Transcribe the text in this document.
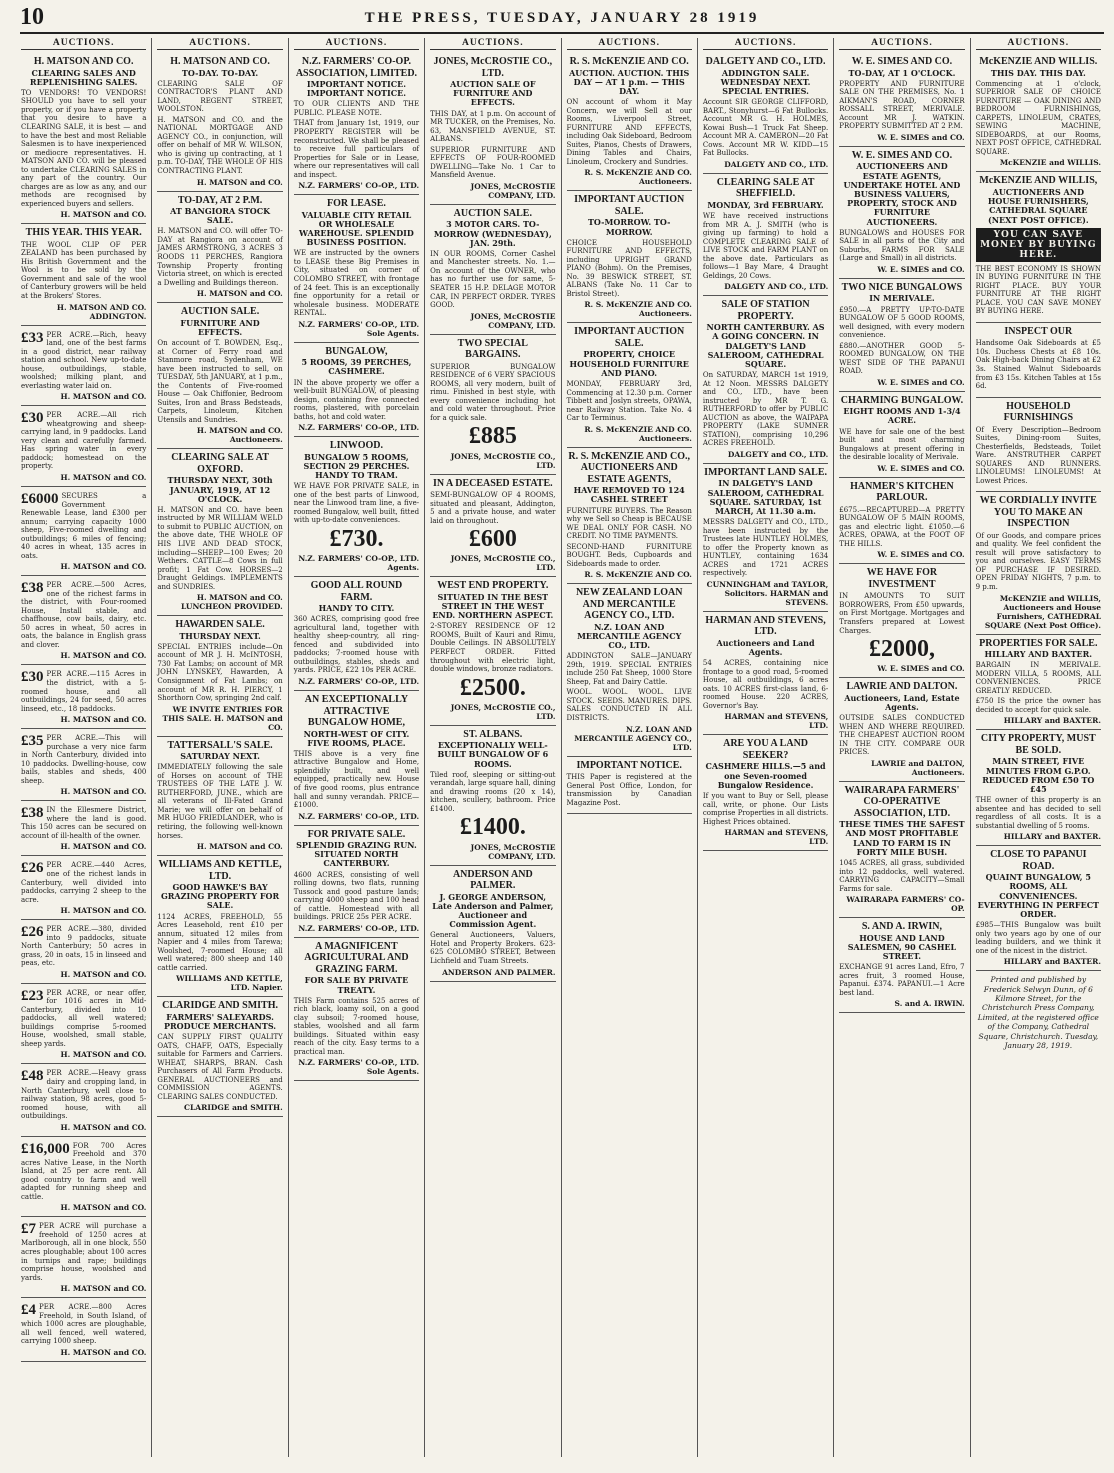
10	THE PRESS, TUESDAY, JANUARY 28 1919
AUCTIONS.
H. MATSON AND CO.
CLEARING SALES AND REPLENISHING SALES.

TO VENDORS! TO VENDORS! SHOULD you have to sell your property, or if you have a property that you desire to have a CLEARING SALE, it is best — and to have the best and most Reliable Salesmen is to have inexperienced or mediocre representatives. H. MATSON AND CO. will be pleased to undertake CLEARING SALES in any part of the country. Our charges are as low as any, and our methods are recognised by experienced buyers and sellers.

H. MATSON and CO.
THIS YEAR. THIS YEAR.

THE WOOL CLIP OF PER ZEALAND has been purchased by His British Government and the Wool is to be sold by the Government and sale of the wool of Canterbury growers will be held at the Brokers' Stores.

H. MATSON AND CO. ADDINGTON.

£33 PER ACRE.—Rich, heavy land, one of the best farms in a good district, near railway station and school. New up-to-date house, outbuildings, stable, woolshed; milking plant, and everlasting water laid on.

H. MATSON and CO.

£30 PER ACRE.—All rich wheatgrowing and sheep-carrying land, in 9 paddocks. Land very clean and carefully farmed. Has spring water in every paddock; homestead on the property.

H. MATSON and CO.

£6000 SECURES a Government Renewable Lease, land £300 per annum; carrying capacity 1000 sheep, Five-roomed dwelling and outbuildings; 6 miles of fencing; 40 acres in wheat, 135 acres in oats.

H. MATSON and CO.

£38 PER ACRE.—500 Acres, one of the richest farms in the district, with Four-roomed House, Install stable, and chaffhouse, cow bails, dairy, etc. 50 acres in wheat, 50 acres in oats, the balance in English grass and clover.

H. MATSON and CO.

£30 PER ACRE.—115 Acres in the district, with a 5-roomed house, and all outbuildings, 24 for seed, 50 acres linseed, etc., 18 paddocks.

H. MATSON and CO.

£35 PER ACRE.—This will purchase a very nice farm in North Canterbury, divided into 10 paddocks. Dwelling-house, cow bails, stables and sheds, 400 sheep.

H. MATSON and CO.

£38 IN the Ellesmere District, where the land is good. This 150 acres can be secured on account of ill-health of the owner.

H. MATSON and CO.

£26 PER ACRE.—440 Acres, one of the richest lands in Canterbury, well divided into paddocks, carrying 2 sheep to the acre.

H. MATSON and CO.

£26 PER ACRE.—380, divided into 9 paddocks, situate North Canterbury; 50 acres in grass, 20 in oats, 15 in linseed and peas, etc.

H. MATSON and CO.

£23 PER ACRE, or near offer, for 1016 acres in Mid-Canterbury, divided into 10 paddocks, all well watered; buildings comprise 5-roomed House, woolshed, small stable, sheep yards.

H. MATSON and CO.

£48 PER ACRE.—Heavy grass dairy and cropping land, in North Canterbury, well close to railway station, 98 acres, good 5-roomed house, with all outbuildings.

H. MATSON and CO.

£16,000 FOR 700 Acres Freehold and 370 acres Native Lease, in the North Island, at 25 per acre rent. All good country to farm and well adapted for running sheep and cattle.

H. MATSON and CO.

£7 PER ACRE will purchase a freehold of 1250 acres at Marlborough, all in one block, 550 acres ploughable; about 100 acres in turnips and rape; buildings comprise house, woolshed and yards.

H. MATSON and CO.

£4 PER ACRE.—800 Acres Freehold, in South Island, of which 1000 acres are ploughable, all well fenced, well watered, carrying 1000 sheep.

H. MATSON and CO.
AUCTIONS.
H. MATSON AND CO.
TO-DAY. TO-DAY.

CLEARING SALE OF CONTRACTOR'S PLANT AND LAND, REGENT STREET, WOOLSTON.

H. MATSON and CO. and the NATIONAL MORTGAGE AND AGENCY CO., in conjunction, will offer on behalf of MR W. WILSON, who is giving up contracting, at 1 p.m. TO-DAY, THE WHOLE OF HIS CONTRACTING PLANT.

H. MATSON and CO.
TO-DAY, AT 2 P.M.
AT BANGIORA STOCK SALE.

H. MATSON and CO. will offer TO-DAY at Rangiora on account of JAMES ARMSTRONG, 3 ACRES 3 ROODS 11 PERCHES, Rangiora Township Property fronting Victoria street, on which is erected a Dwelling and Buildings thereon.

H. MATSON and CO.
AUCTION SALE.
FURNITURE AND EFFECTS.

On account of T. BOWDEN, Esq., at Corner of Ferry road and Stanmore road, Sydenham, WE have been instructed to sell, on TUESDAY, 5th JANUARY, at 1 p.m., the Contents of Five-roomed House — Oak Chiffonier, Bedroom Suites, Iron and Brass Bedsteads, Carpets, Linoleum, Kitchen Utensils and Sundries.

H. MATSON and CO. Auctioneers.
CLEARING SALE AT OXFORD.
THURSDAY NEXT, 30th JANUARY, 1919, AT 12 O'CLOCK.

H. MATSON and CO. have been instructed by MR WILLIAM WELD to submit to PUBLIC AUCTION, on the above date, THE WHOLE OF HIS LIVE AND DEAD STOCK, including—SHEEP—100 Ewes; 20 Wethers. CATTLE—8 Cows in full profit; 1 Fat Cow. HORSES—2 Draught Geldings. IMPLEMENTS and SUNDRIES.

H. MATSON and CO. LUNCHEON PROVIDED.
HAWARDEN SALE.
THURSDAY NEXT.

SPECIAL ENTRIES include—On account of MR J. H. McINTOSH, 730 Fat Lambs; on account of MR JOHN LYNSKEY, Hawarden, A Consignment of Fat Lambs; on account of MR R. H. PIERCY, 1 Shorthorn Cow, springing 2nd calf.

WE INVITE ENTRIES FOR THIS SALE. H. MATSON and CO.
TATTERSALL'S SALE.
SATURDAY NEXT.

IMMEDIATELY following the sale of Horses on account of THE TRUSTEES OF THE LATE J. W. RUTHERFORD, JUNE., which are all veterans of Ill-Fated Grand Marie; we will offer on behalf of MR HUGO FRIEDLANDER, who is retiring, the following well-known horses.

H. MATSON and CO.
WILLIAMS AND KETTLE, LTD.
GOOD HAWKE'S BAY GRAZING PROPERTY FOR SALE.

1124 ACRES, FREEHOLD, 55 Acres Leasehold, rent £10 per annum, situated 12 miles from Napier and 4 miles from Tarewa; Woolshed, 7-roomed House; all well watered; 800 sheep and 140 cattle carried.

WILLIAMS AND KETTLE, LTD. Napier.
CLARIDGE AND SMITH.
FARMERS' SALEYARDS. PRODUCE MERCHANTS.

CAN SUPPLY FIRST QUALITY OATS, CHAFF, OATS, Especially suitable for Farmers and Carriers. WHEAT, SHARPS, BRAN. Cash Purchasers of All Farm Products. GENERAL AUCTIONEERS and COMMISSION AGENTS. CLEARING SALES CONDUCTED.

CLARIDGE and SMITH.
AUCTIONS.
N.Z. FARMERS' CO-OP. ASSOCIATION, LIMITED.
IMPORTANT NOTICE. IMPORTANT NOTICE.

TO OUR CLIENTS AND THE PUBLIC. PLEASE NOTE.

THAT from January 1st, 1919, our PROPERTY REGISTER will be reconstructed. We shall be pleased to receive full particulars of Properties for Sale or in Lease, where our representatives will call and inspect.

N.Z. FARMERS' CO-OP., LTD.
FOR LEASE.
VALUABLE CITY RETAIL OR WHOLESALE WAREHOUSE. SPLENDID BUSINESS POSITION.

WE are instructed by the owners to LEASE these Big Premises in City, situated on corner of COLOMBO STREET, with frontage of 24 feet. This is an exceptionally fine opportunity for a retail or wholesale business. MODERATE RENTAL.

N.Z. FARMERS' CO-OP., LTD. Sole Agents.
BUNGALOW,
5 ROOMS, 39 PERCHES, CASHMERE.

IN the above property we offer a well-built BUNGALOW, of pleasing design, containing five connected rooms, plastered, with porcelain baths, hot and cold water.

N.Z. FARMERS' CO-OP., LTD.
LINWOOD.
BUNGALOW 5 ROOMS, SECTION 29 PERCHES. HANDY TO TRAM.

WE HAVE FOR PRIVATE SALE, in one of the best parts of Linwood, near the Linwood tram line, a five-roomed Bungalow, well built, fitted with up-to-date conveniences.

£730.
N.Z. FARMERS' CO-OP., LTD. Agents.
GOOD ALL ROUND FARM.
HANDY TO CITY.

360 ACRES, comprising good free agricultural land, together with healthy sheep-country, all ring-fenced and subdivided into paddocks; 7-roomed house with outbuildings, stables, sheds and yards. PRICE, £22 10s PER ACRE.

N.Z. FARMERS' CO-OP., LTD.
AN EXCEPTIONALLY ATTRACTIVE BUNGALOW HOME,
NORTH-WEST OF CITY. FIVE ROOMS, PLACE.

THIS above is a very fine attractive Bungalow and Home, splendidly built, and well equipped, practically new. House of five good rooms, plus entrance hall and sunny verandah. PRICE—£1000.

N.Z. FARMERS' CO-OP., LTD.
FOR PRIVATE SALE.
SPLENDID GRAZING RUN. SITUATED NORTH CANTERBURY.

4600 ACRES, consisting of well rolling downs, two flats, running Tussock and good pasture lands; carrying 4000 sheep and 100 head of cattle. Homestead with all buildings. PRICE 25s PER ACRE.

N.Z. FARMERS' CO-OP., LTD.
A MAGNIFICENT AGRICULTURAL AND GRAZING FARM.
FOR SALE BY PRIVATE TREATY.

THIS Farm contains 525 acres of rich black, loamy soil, on a good clay subsoil; 7-roomed house, stables, woolshed and all farm buildings. Situated within easy reach of the city. Easy terms to a practical man.

N.Z. FARMERS' CO-OP., LTD. Sole Agents.
AUCTIONS.
JONES, McCROSTIE CO., LTD.
AUCTION SALE OF FURNITURE AND EFFECTS.

THIS DAY, at 1 p.m. On account of MR TUCKER, on the Premises, No. 63, MANSFIELD AVENUE, ST. ALBANS.

SUPERIOR FURNITURE AND EFFECTS OF FOUR-ROOMED DWELLING—Take No. 1 Car to Mansfield Avenue.

JONES, McCROSTIE COMPANY, LTD.
AUCTION SALE.
3 MOTOR CARS. TO-MORROW (WEDNESDAY), JAN. 29th.

IN OUR ROOMS, Corner Cashel and Manchester streets. No. 1.—On account of the OWNER, who has no further use for same, 5-SEATER 15 H.P. DELAGE MOTOR CAR, IN PERFECT ORDER. TYRES GOOD.

JONES, McCROSTIE COMPANY, LTD.
TWO SPECIAL BARGAINS.

SUPERIOR BUNGALOW RESIDENCE of 6 VERY SPACIOUS ROOMS, all very modern, built of rimu. Finished in best style, with every convenience including hot and cold water throughout. Price for a quick sale.

£885
JONES, McCROSTIE CO., LTD.
IN A DECEASED ESTATE.

SEMI-BUNGALOW OF 4 ROOMS, situated and pleasant, Addington, 5 and a private house, and water laid on throughout.

£600
JONES, McCROSTIE CO., LTD.
WEST END PROPERTY.
SITUATED IN THE BEST STREET IN THE WEST END. NORTHERN ASPECT.

2-STOREY RESIDENCE OF 12 ROOMS, Built of Kauri and Rimu, Double Ceilings. IN ABSOLUTELY PERFECT ORDER. Fitted throughout with electric light, double windows, bronze radiators.

£2500.
JONES, McCROSTIE CO., LTD.
ST. ALBANS.
EXCEPTIONALLY WELL-BUILT BUNGALOW OF 6 ROOMS.

Tiled roof, sleeping or sitting-out verandah, large square hall, dining and drawing rooms (20 x 14), kitchen, scullery, bathroom. Price £1400.

£1400.
JONES, McCROSTIE COMPANY, LTD.
ANDERSON AND PALMER.
J. GEORGE ANDERSON, Late Anderson and Palmer, Auctioneer and Commission Agent.

General Auctioneers, Valuers, Hotel and Property Brokers. 623-625 COLOMBO STREET, Between Lichfield and Tuam Streets.

ANDERSON AND PALMER.
AUCTIONS.
R. S. McKENZIE AND CO.
AUCTION. AUCTION. THIS DAY — AT 1 p.m. — THIS DAY.

ON account of whom it May Concern, we will Sell at our Rooms, Liverpool Street, FURNITURE AND EFFECTS, including Oak Sideboard, Bedroom Suites, Pianos, Chests of Drawers, Dining Tables and Chairs, Linoleum, Crockery and Sundries.

R. S. McKENZIE AND CO. Auctioneers.
IMPORTANT AUCTION SALE.
TO-MORROW. TO-MORROW.

CHOICE HOUSEHOLD FURNITURE AND EFFECTS, including UPRIGHT GRAND PIANO (Bohm). On the Premises, No. 39 BESWICK STREET, ST. ALBANS (Take No. 11 Car to Bristol Street).

R. S. McKENZIE AND CO. Auctioneers.
IMPORTANT AUCTION SALE.
PROPERTY, CHOICE HOUSEHOLD FURNITURE AND PIANO.

MONDAY, FEBRUARY 3rd, Commencing at 12.30 p.m. Corner Tibbett and Joslyn streets, OPAWA, near Railway Station. Take No. 4 Car to Terminus.

R. S. McKENZIE AND CO. Auctioneers.
R. S. McKENZIE AND CO., AUCTIONEERS AND ESTATE AGENTS,
HAVE REMOVED TO 124 CASHEL STREET

FURNITURE BUYERS. The Reason why we Sell so Cheap is BECAUSE WE DEAL ONLY FOR CASH. NO CREDIT. NO TIME PAYMENTS.

SECOND-HAND FURNITURE BOUGHT. Beds, Cupboards and Sideboards made to order.

R. S. McKENZIE AND CO.
NEW ZEALAND LOAN AND MERCANTILE AGENCY CO., LTD.
N.Z. LOAN AND MERCANTILE AGENCY CO., LTD.

ADDINGTON SALE—JANUARY 29th, 1919. SPECIAL ENTRIES include 250 Fat Sheep, 1000 Store Sheep, Fat and Dairy Cattle.

WOOL. WOOL. WOOL. LIVE STOCK. SEEDS. MANURES. DIPS. SALES CONDUCTED IN ALL DISTRICTS.

N.Z. LOAN AND MERCANTILE AGENCY CO., LTD.
IMPORTANT NOTICE.

THIS Paper is registered at the General Post Office, London, for transmission by Canadian Magazine Post.

AUCTIONS.
DALGETY AND CO., LTD.
ADDINGTON SALE. WEDNESDAY NEXT. SPECIAL ENTRIES.

Account SIR GEORGE CLIFFORD, BART., Stonyhurst—6 Fat Bullocks. Account MR G. H. HOLMES, Kowai Bush—1 Truck Fat Sheep. Account MR A. CAMERON—20 Fat Cows. Account MR W. KIDD—15 Fat Bullocks.

DALGETY AND CO., LTD.
CLEARING SALE AT SHEFFIELD.
MONDAY, 3rd FEBRUARY.

WE have received instructions from MR A. J. SMITH (who is giving up farming) to hold a COMPLETE CLEARING SALE of LIVE STOCK and FARM PLANT on the above date. Particulars as follows—1 Bay Mare, 4 Draught Geldings, 20 Cows.

DALGETY AND CO., LTD.
SALE OF STATION PROPERTY.
NORTH CANTERBURY. AS A GOING CONCERN. IN DALGETY'S LAND SALEROOM, CATHEDRAL SQUARE.

On SATURDAY, MARCH 1st 1919, At 12 Noon. MESSRS DALGETY and CO., LTD., have been instructed by MR T. G. RUTHERFORD to offer by PUBLIC AUCTION as above, the WAIPAPA PROPERTY (LAKE SUMNER STATION), comprising 10,296 ACRES FREEHOLD.

DALGETY and CO., LTD.
IMPORTANT LAND SALE.
IN DALGETY'S LAND SALEROOM, CATHEDRAL SQUARE. SATURDAY, 1st MARCH, At 11.30 a.m.

MESSRS DALGETY and CO., LTD., have been instructed by the Trustees late HUNTLEY HOLMES, to offer the Property known as HUNTLEY, containing 1634 ACRES and 1721 ACRES respectively.

CUNNINGHAM and TAYLOR, Solicitors. HARMAN and STEVENS.
HARMAN AND STEVENS, LTD.
Auctioneers and Land Agents.

54 ACRES, containing nice frontage to a good road, 5-roomed House, all outbuildings, 6 acres oats. 10 ACRES first-class land, 6-roomed House. 220 ACRES, Governor's Bay.

HARMAN and STEVENS, LTD.
ARE YOU A LAND SEEKER?
CASHMERE HILLS.—5 and one Seven-roomed Bungalow Residence.

If you want to Buy or Sell, please call, write, or phone. Our Lists comprise Properties in all districts. Highest Prices obtained.

HARMAN and STEVENS, LTD.
AUCTIONS.
W. E. SIMES AND CO.
TO-DAY, AT 1 O'CLOCK.

PROPERTY AND FURNITURE SALE ON THE PREMISES, No. 1 AIKMAN'S ROAD, CORNER ROSSALL STREET, MERIVALE. Account MR J. WATKIN. PROPERTY SUBMITTED AT 2 P.M.

W. E. SIMES and CO.
W. E. SIMES AND CO.
AUCTIONEERS AND ESTATE AGENTS, UNDERTAKE HOTEL AND BUSINESS VALUERS, PROPERTY, STOCK AND FURNITURE AUCTIONEERS.

BUNGALOWS and HOUSES FOR SALE in all parts of the City and Suburbs, FARMS FOR SALE (Large and Small) in all districts.

W. E. SIMES and CO.
TWO NICE BUNGALOWS
IN MERIVALE.

£950.—A PRETTY UP-TO-DATE BUNGALOW OF 5 GOOD ROOMS, well designed, with every modern convenience.

£880.—ANOTHER GOOD 5-ROOMED BUNGALOW, ON THE WEST SIDE OF THE PAPANUI ROAD.

W. E. SIMES and CO.
CHARMING BUNGALOW.
EIGHT ROOMS AND 1-3/4 ACRE.

WE have for sale one of the best built and most charming Bungalows at present offering in the desirable locality of Merivale.

W. E. SIMES and CO.
HANMER'S KITCHEN PARLOUR.

£675.—RECAPTURED—A PRETTY BUNGALOW OF 5 MAIN ROOMS, gas and electric light. £1050.—6 ACRES, OPAWA, at the FOOT OF THE HILLS.

W. E. SIMES and CO.
WE HAVE FOR INVESTMENT

IN AMOUNTS TO SUIT BORROWERS, From £50 upwards, on First Mortgage. Mortgages and Transfers prepared at Lowest Charges.

£2000,
W. E. SIMES and CO.
LAWRIE AND DALTON.
Auctioneers, Land, Estate Agents.

OUTSIDE SALES CONDUCTED WHEN AND WHERE REQUIRED. THE CHEAPEST AUCTION ROOM IN THE CITY. COMPARE OUR PRICES.

LAWRIE and DALTON, Auctioneers.
WAIRARAPA FARMERS' CO-OPERATIVE ASSOCIATION, LTD.
THESE TIMES THE SAFEST AND MOST PROFITABLE LAND TO FARM IS IN FORTY MILE BUSH.

1045 ACRES, all grass, subdivided into 12 paddocks, well watered. CARRYING CAPACITY—Small Farms for sale.

WAIRARAPA FARMERS' CO-OP.
S. AND A. IRWIN,
HOUSE AND LAND SALESMEN, 90 CASHEL STREET.

EXCHANGE 91 acres Land, Efro, 7 acres fruit, 3 roomed House, Papanui. £374. PAPANUI.—1 Acre best land.

S. and A. IRWIN.
AUCTIONS.
McKENZIE AND WILLIS.
THIS DAY. THIS DAY.

Commencing at 1 o'clock, SUPERIOR SALE OF CHOICE FURNITURE — OAK DINING AND BEDROOM FURNISHINGS, CARPETS, LINOLEUM, CRATES, SEWING MACHINE, SIDEBOARDS, at our Rooms, NEXT POST OFFICE, CATHEDRAL SQUARE.

McKENZIE and WILLIS.
McKENZIE AND WILLIS,
AUCTIONEERS AND HOUSE FURNISHERS, CATHEDRAL SQUARE (NEXT POST OFFICE).
YOU CAN SAVE MONEY BY BUYING HERE.

THE BEST ECONOMY IS SHOWN IN BUYING FURNITURE IN THE RIGHT PLACE. BUY YOUR FURNITURE AT THE RIGHT PLACE. YOU CAN SAVE MONEY BY BUYING HERE.

INSPECT OUR

Handsome Oak Sideboards at £5 10s. Duchess Chests at £8 10s. Oak High-back Dining Chairs at £2 3s. Stained Walnut Sideboards from £3 15s. Kitchen Tables at 15s 6d.

HOUSEHOLD FURNISHINGS

Of Every Description—Bedroom Suites, Dining-room Suites, Chesterfields, Bedsteads, Toilet Ware. ANSTRUTHER CARPET SQUARES AND RUNNERS. LINOLEUMS! LINOLEUMS! At Lowest Prices.

WE CORDIALLY INVITE YOU TO MAKE AN INSPECTION

Of our Goods, and compare prices and quality. We feel confident the result will prove satisfactory to you and ourselves. EASY TERMS OF PURCHASE IF DESIRED. OPEN FRIDAY NIGHTS, 7 p.m. to 9 p.m.

McKENZIE and WILLIS, Auctioneers and House Furnishers, CATHEDRAL SQUARE (Next Post Office).
PROPERTIES FOR SALE.
HILLARY AND BAXTER.

BARGAIN IN MERIVALE. MODERN VILLA, 5 ROOMS, ALL CONVENIENCES. PRICE GREATLY REDUCED.

£750 IS the price the owner has decided to accept for quick sale.

HILLARY and BAXTER.
CITY PROPERTY, MUST BE SOLD.
MAIN STREET, FIVE MINUTES FROM G.P.O. REDUCED FROM £50 TO £45

THE owner of this property is an absentee and has decided to sell regardless of all costs. It is a substantial dwelling of 5 rooms.

HILLARY and BAXTER.
CLOSE TO PAPANUI ROAD.
QUAINT BUNGALOW, 5 ROOMS, ALL CONVENIENCES. EVERYTHING IN PERFECT ORDER.

£985—THIS Bungalow was built only two years ago by one of our leading builders, and we think it one of the nicest in the district.

HILLARY and BAXTER.
Printed and published by Frederick Selwyn Dunn, of 6 Kilmore Street, for the Christchurch Press Company, Limited, at the registered office of the Company, Cathedral Square, Christchurch. Tuesday, January 28, 1919.
